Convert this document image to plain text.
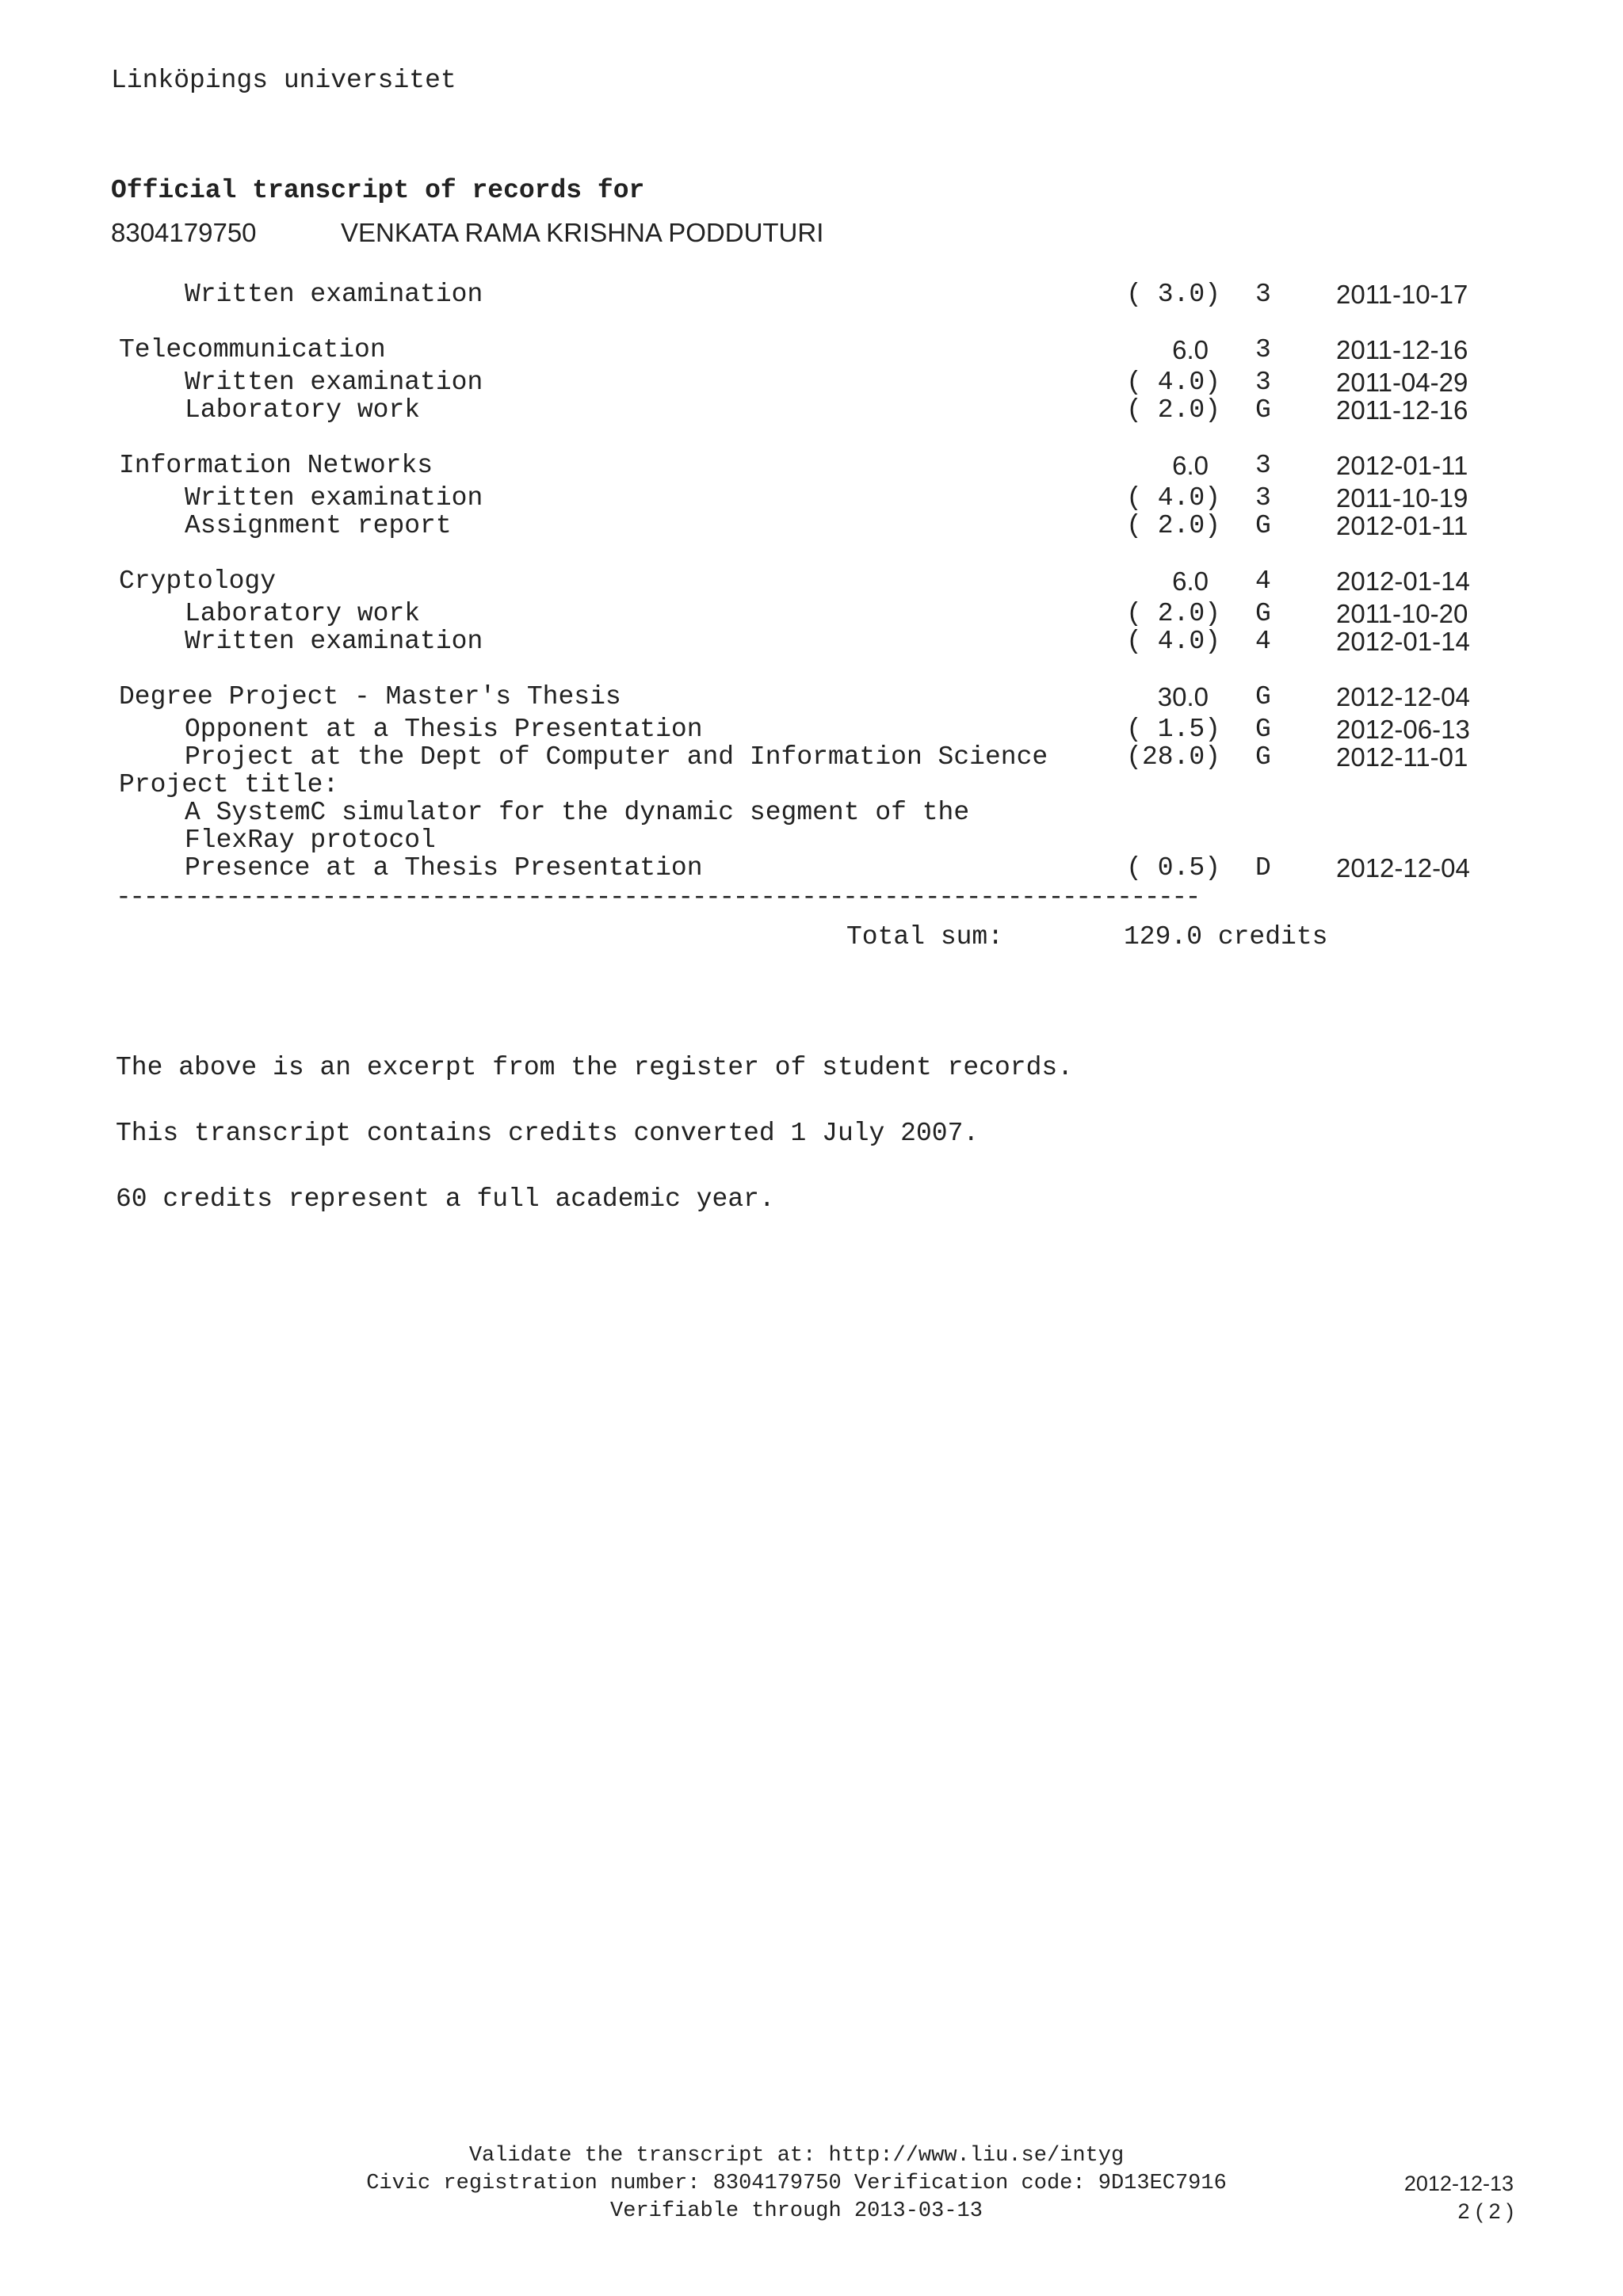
Linköpings universitet
Official transcript of records for
8304179750	VENKATA RAMA KRISHNA PODDUTURI
Written examination	( 3.0) 3 2011-10-17
Telecommunication	6.0 3 2011-12-16
Written examination	( 4.0) 3 2011-04-29
Laboratory work	( 2.0) G 2011-12-16
Information Networks	6.0 3 2012-01-11
Written examination	( 4.0) 3 2011-10-19
Assignment report	( 2.0) G 2012-01-11
Cryptology	6.0 4 2012-01-14
Laboratory work	( 2.0) G 2011-10-20
Written examination	( 4.0) 4 2012-01-14
Degree Project - Master's Thesis	30.0 G 2012-12-04
Opponent at a Thesis Presentation	( 1.5) G 2012-06-13
Project at the Dept of Computer and Information Science	(28.0) G 2012-11-01
Project title:
A SystemC simulator for the dynamic segment of the
FlexRay protocol
Presence at a Thesis Presentation	( 0.5) D 2012-12-04
-------------------------------------------------------------------------------
Total sum:	129.0 credits
The above is an excerpt from the register of student records.
This transcript contains credits converted 1 July 2007.
60 credits represent a full academic year.
Validate the transcript at: http://www.liu.se/intyg
Civic registration number: 8304179750 Verification code: 9D13EC7916
Verifiable through 2013-03-13
2012-12-13
2 ( 2 )
